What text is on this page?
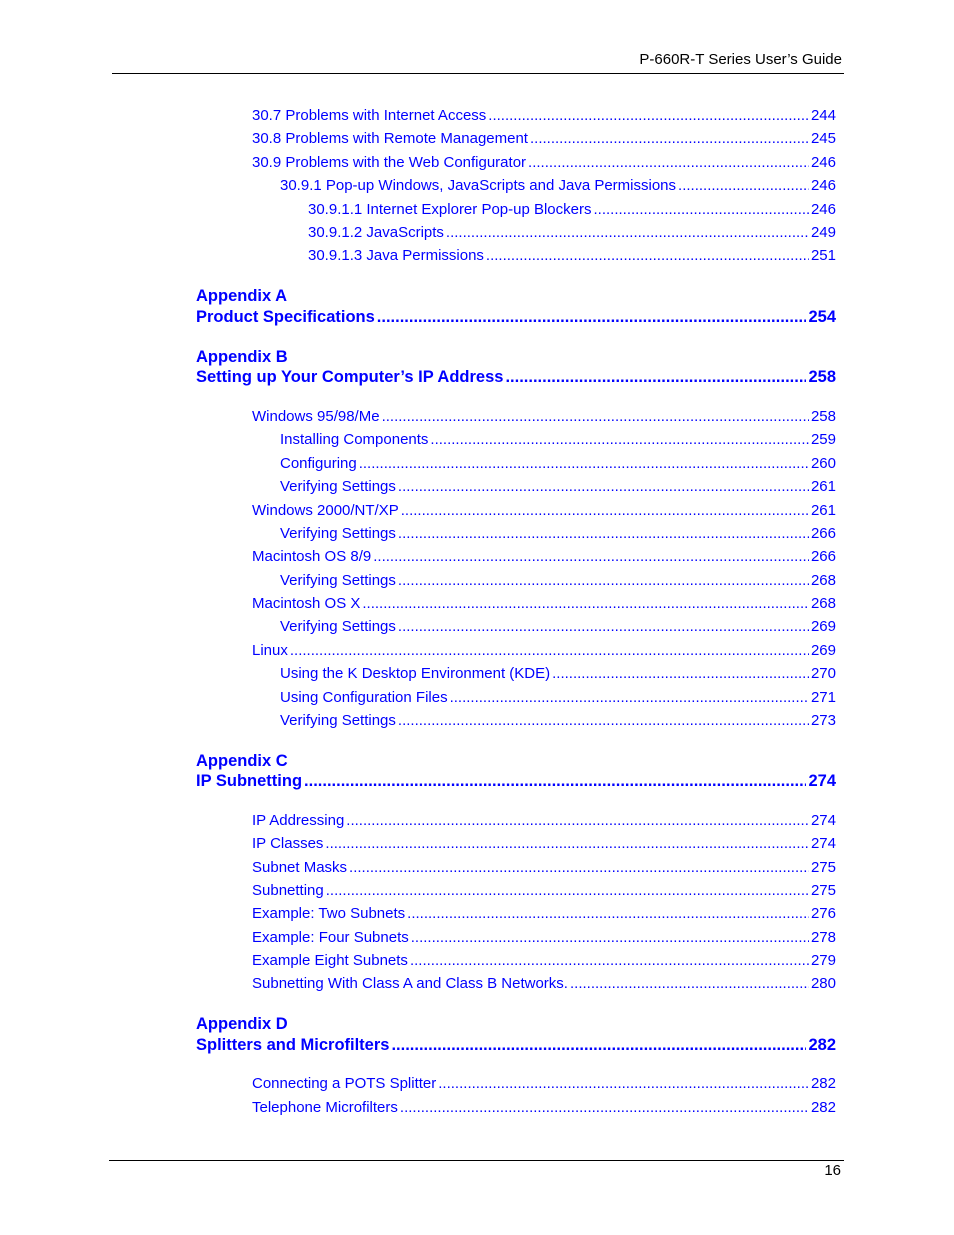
P-660R-T Series User’s Guide
30.7 Problems with Internet Access .....	244
30.8 Problems with Remote Management .....	245
30.9 Problems with the Web Configurator .....	246
30.9.1 Pop-up Windows, JavaScripts and Java Permissions .....	246
30.9.1.1 Internet Explorer Pop-up Blockers .....	246
30.9.1.2 JavaScripts .....	249
30.9.1.3 Java Permissions .....	251
Appendix A
Product Specifications .....	254
Appendix B
Setting up Your Computer’s IP Address .....	258
Windows 95/98/Me .....	258
Installing Components .....	259
Configuring .....	260
Verifying Settings .....	261
Windows 2000/NT/XP .....	261
Verifying Settings .....	266
Macintosh OS 8/9 .....	266
Verifying Settings .....	268
Macintosh OS X .....	268
Verifying Settings .....	269
Linux .....	269
Using the K Desktop Environment (KDE) .....	270
Using Configuration Files .....	271
Verifying Settings .....	273
Appendix C
IP Subnetting .....	274
IP Addressing .....	274
IP Classes .....	274
Subnet Masks .....	275
Subnetting .....	275
Example: Two Subnets .....	276
Example: Four Subnets .....	278
Example Eight Subnets .....	279
Subnetting With Class A and Class B Networks. .....	280
Appendix D
Splitters and Microfilters .....	282
Connecting a POTS Splitter .....	282
Telephone Microfilters .....	282
16
